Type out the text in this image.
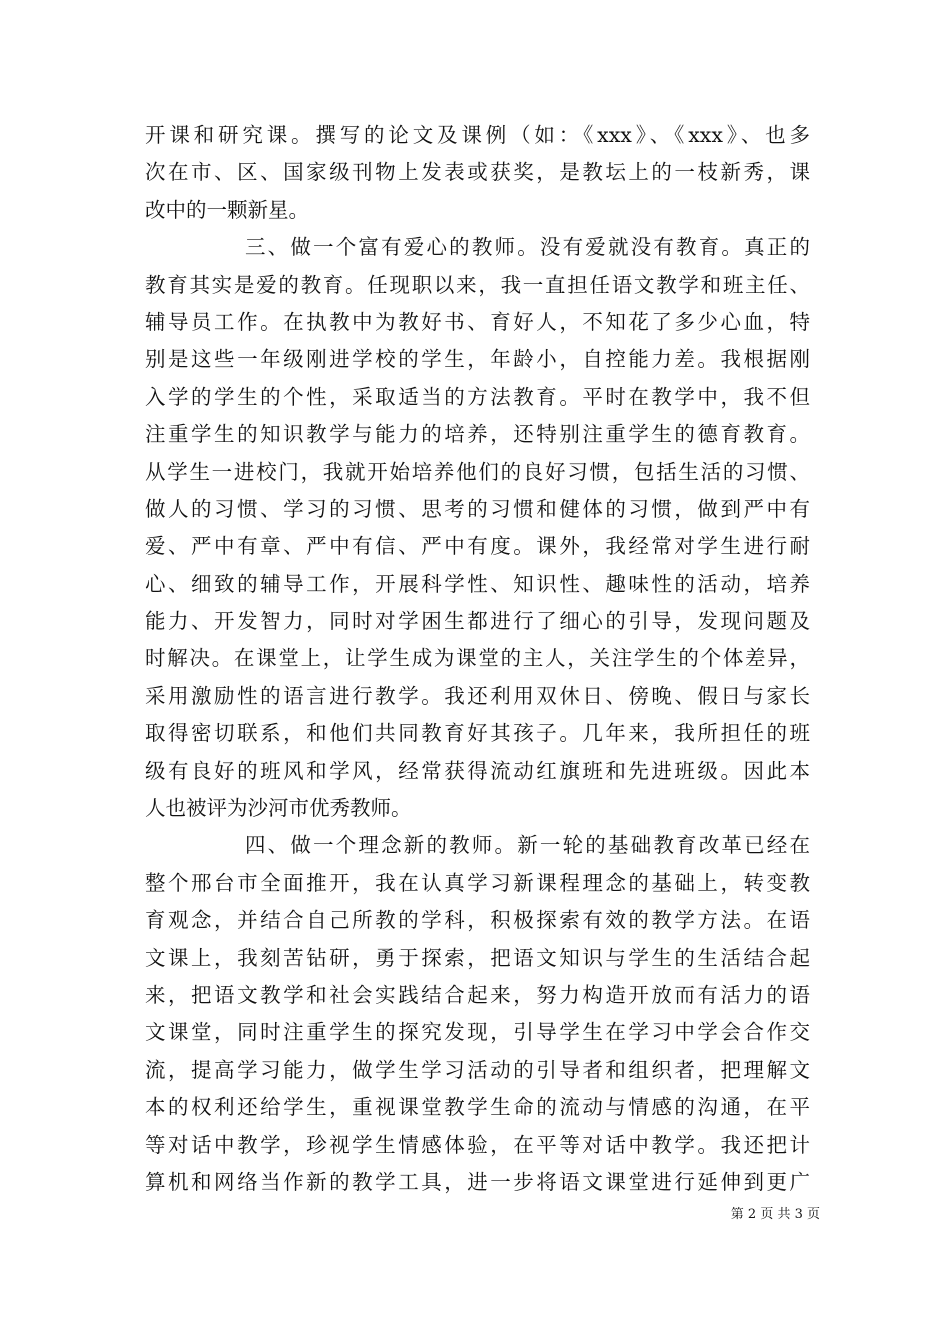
开课和研究课。撰写的论文及课例（如：《xxx》、《xxx》、也多
次在市、区、国家级刊物上发表或获奖，是教坛上的一枝新秀，课
改中的一颗新星。
三、做一个富有爱心的教师。没有爱就没有教育。真正的
教育其实是爱的教育。任现职以来，我一直担任语文教学和班主任、
辅导员工作。在执教中为教好书、育好人，不知花了多少心血，特
别是这些一年级刚进学校的学生，年龄小，自控能力差。我根据刚
入学的学生的个性，采取适当的方法教育。平时在教学中，我不但
注重学生的知识教学与能力的培养，还特别注重学生的德育教育。
从学生一进校门，我就开始培养他们的良好习惯，包括生活的习惯、
做人的习惯、学习的习惯、思考的习惯和健体的习惯，做到严中有
爱、严中有章、严中有信、严中有度。课外，我经常对学生进行耐
心、细致的辅导工作，开展科学性、知识性、趣味性的活动，培养
能力、开发智力，同时对学困生都进行了细心的引导，发现问题及
时解决。在课堂上，让学生成为课堂的主人，关注学生的个体差异，
采用激励性的语言进行教学。我还利用双休日、傍晚、假日与家长
取得密切联系，和他们共同教育好其孩子。几年来，我所担任的班
级有良好的班风和学风，经常获得流动红旗班和先进班级。因此本
人也被评为沙河市优秀教师。
四、做一个理念新的教师。新一轮的基础教育改革已经在
整个邢台市全面推开，我在认真学习新课程理念的基础上，转变教
育观念，并结合自己所教的学科，积极探索有效的教学方法。在语
文课上，我刻苦钻研，勇于探索，把语文知识与学生的生活结合起
来，把语文教学和社会实践结合起来，努力构造开放而有活力的语
文课堂，同时注重学生的探究发现，引导学生在学习中学会合作交
流，提高学习能力，做学生学习活动的引导者和组织者，把理解文
本的权利还给学生，重视课堂教学生命的流动与情感的沟通，在平
等对话中教学，珍视学生情感体验，在平等对话中教学。我还把计
算机和网络当作新的教学工具，进一步将语文课堂进行延伸到更广
第 2 页 共 3 页
